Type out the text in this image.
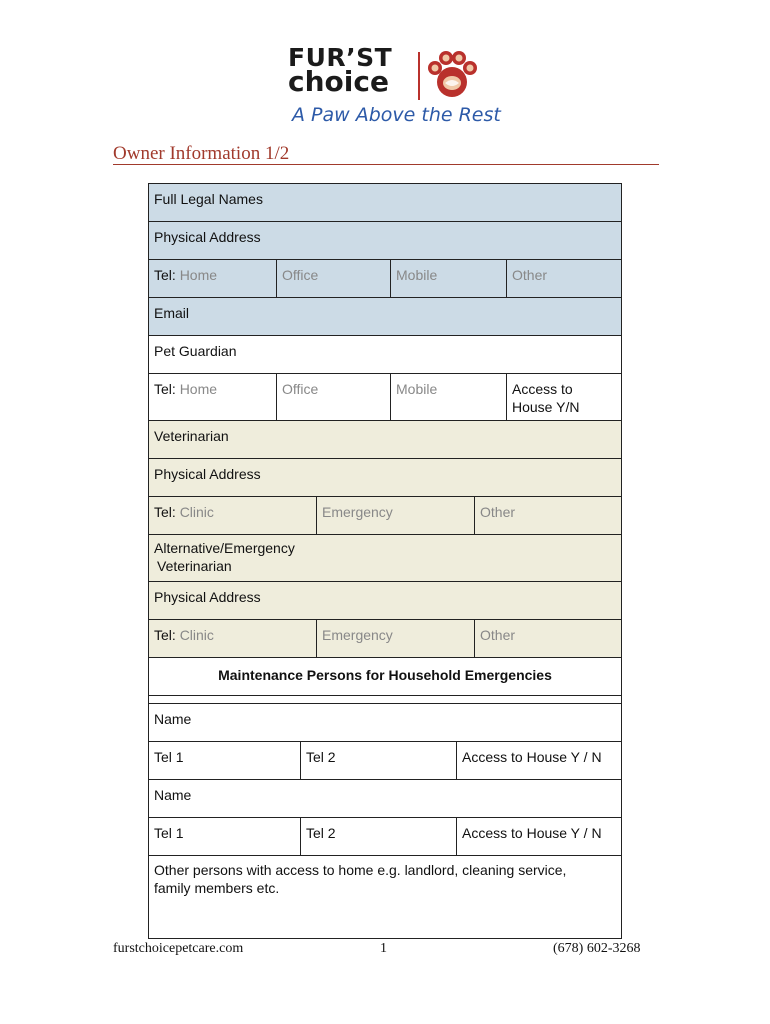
FUR’ST
choice
A Paw Above the Rest
Owner Information 1/2
Full Legal Names
Physical Address
Tel: Home	Office	Mobile	Other
Email
Pet Guardian
Tel: Home	Office	Mobile	Access to House Y/N
Veterinarian
Physical Address
Tel: Clinic	Emergency	Other
Alternative/Emergency
Veterinarian
Physical Address
Tel: Clinic	Emergency	Other
Maintenance Persons for Household Emergencies
Name
Tel 1	Tel 2	Access to House Y / N
Name
Tel 1	Tel 2	Access to House Y / N
Other persons with access to home e.g. landlord, cleaning service, family members etc.
furstchoicepetcare.com	1	(678) 602-3268
